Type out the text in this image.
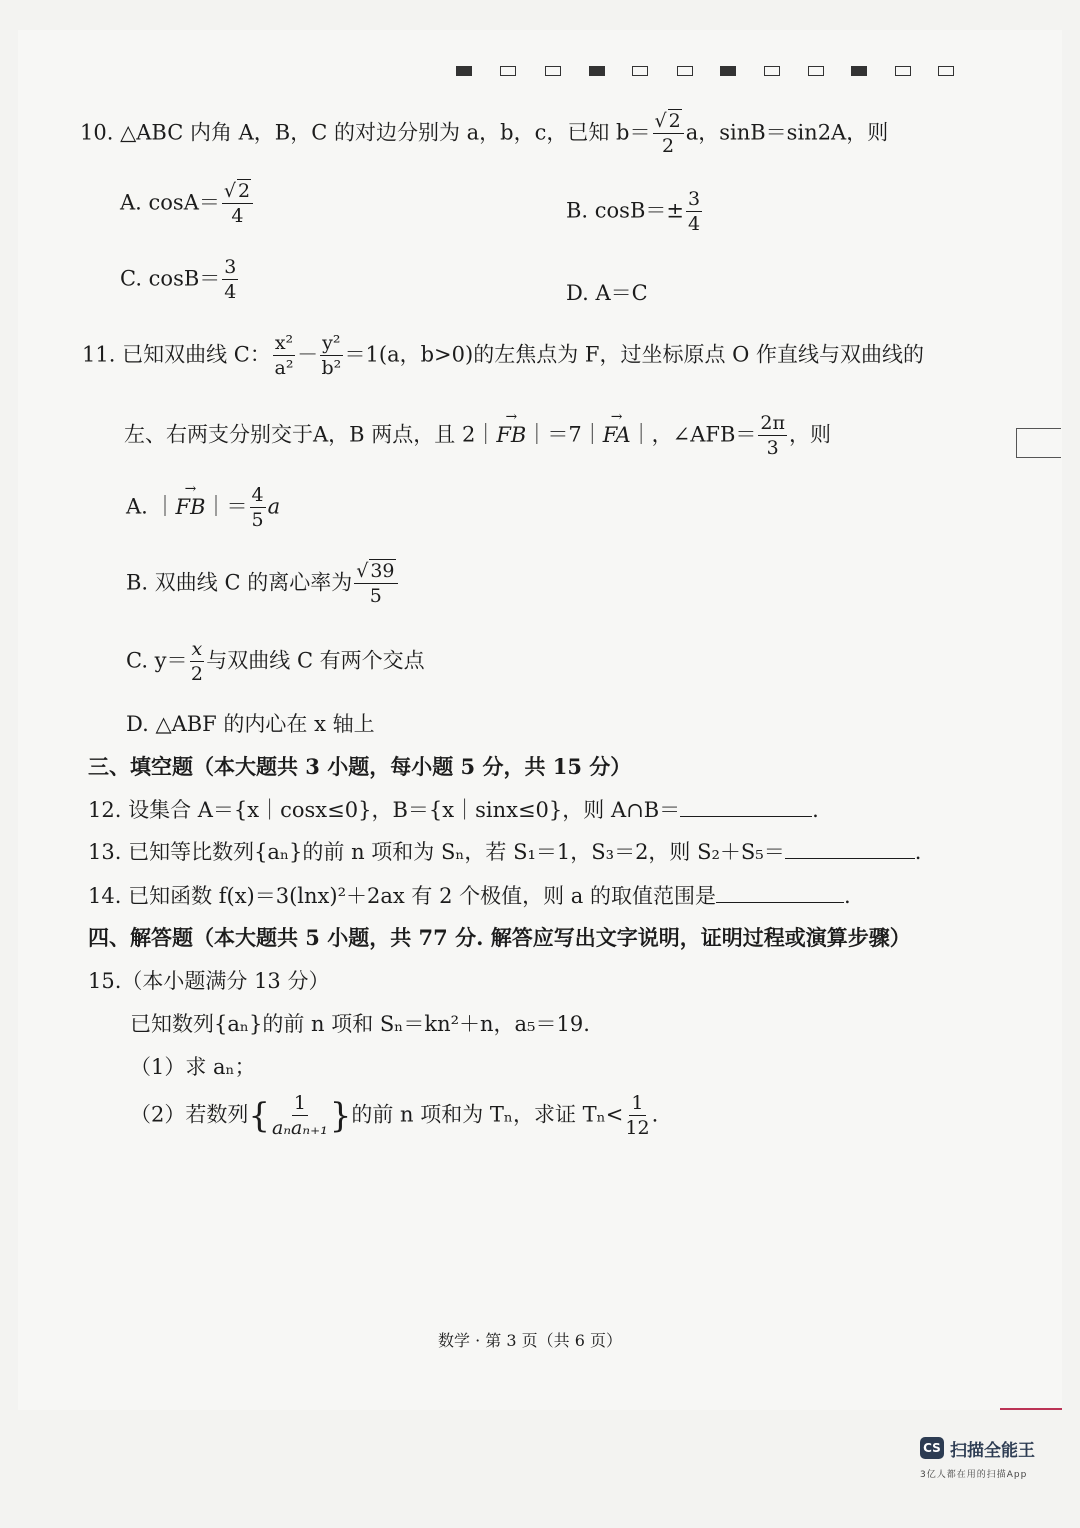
10. △ABC 内角 A，B，C 的对边分别为 a，b，c，已知 $b= \frac{√ 2}{2}$ a，sinB＝sin2A，则
A. $\cos A= \frac{√ 2}{4}$	B. $\cos B=\pm \frac{3}{4}$
C. $\cos B= \frac{3}{4}$	D. A＝C
11. 已知双曲线 C： $\frac{\text{x²}}{\text{a²}} - \frac{\text{y²}}{\text{b²}} =1(a$，b>0)的左焦点为 F，过坐标原点 O 作直线与双曲线的
左、右两支分别交于A，B 两点，且 2｜→ FB｜＝7｜→ FA｜，∠AFB＝ $\frac{2\pi}{3}$ ，则
A. ｜→ FB｜＝ $\frac{4}{5}$ a
B. 双曲线 C 的离心率为 $\frac{√ 39}{5}$
C. $y= \frac{x}{2}$ 与双曲线 C 有两个交点
D. △ABF 的内心在 x 轴上
三、填空题（本大题共 3 小题，每小题 5 分，共 15 分）
12. 设集合 A＝{x｜cosx≤0}，B＝{x｜sinx≤0}，则 A∩B＝	.
13. 已知等比数列{aₙ}的前 n 项和为 Sₙ，若 S₁＝1，S₃＝2，则 S₂＋S₅＝	.
14. 已知函数 f(x)＝3(lnx)²＋2ax 有 2 个极值，则 a 的取值范围是	.
四、解答题（本大题共 5 小题，共 77 分. 解答应写出文字说明，证明过程或演算步骤）
15.（本小题满分 13 分）
已知数列{aₙ}的前 n 项和 Sₙ＝kn²＋n，a₅＝19.
（1）求 aₙ；
（2）若数列{ $\frac{1}{\text{aₙaₙ₊₁}}$ }的前 n 项和为 Tₙ，求证 $T_n< \frac{1}{12}$ .
数学 · 第 3 页（共 6 页）
CS 扫描全能王
3亿人都在用的扫描App
